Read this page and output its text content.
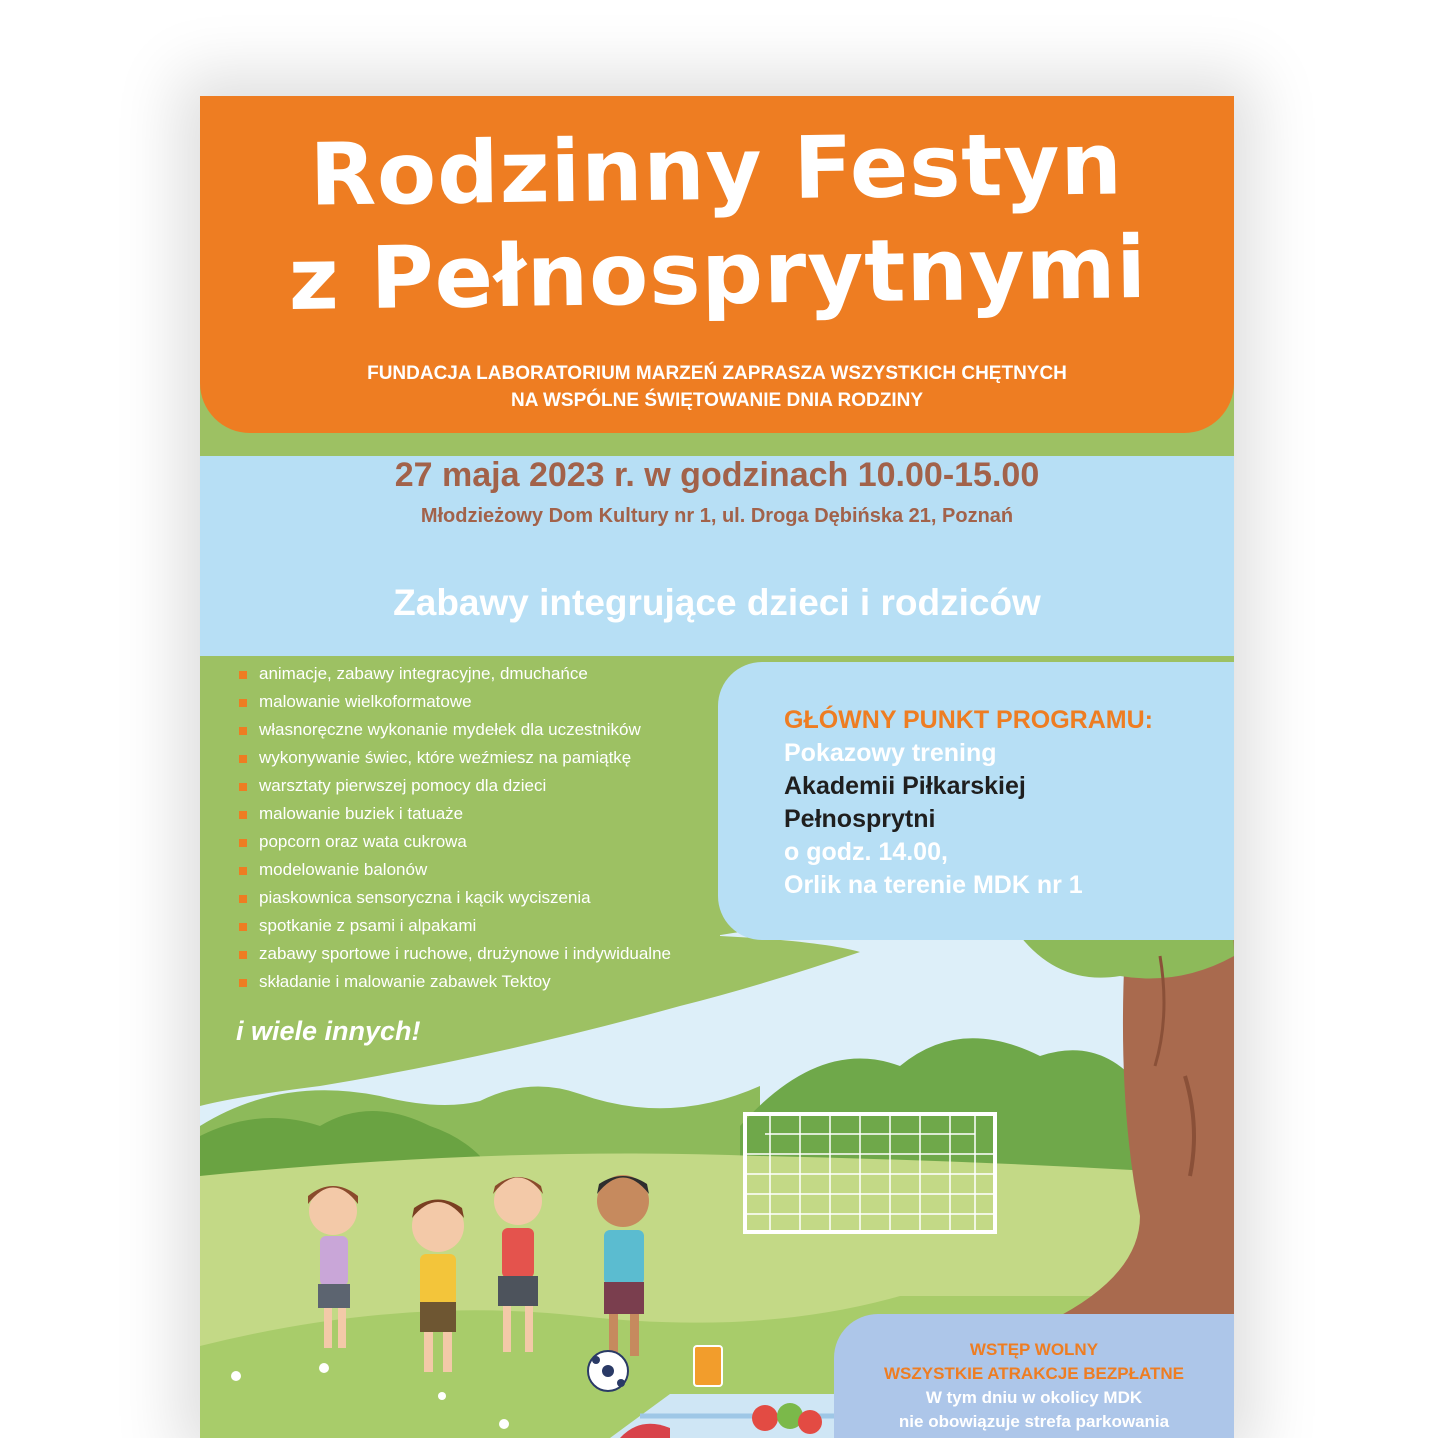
Rodzinny Festyn
z Pełnosprytnymi

FUNDACJA LABORATORIUM MARZEŃ ZAPRASZA WSZYSTKICH CHĘTNYCH
NA WSPÓLNE ŚWIĘTOWANIE DNIA RODZINY

27 maja 2023 r. w godzinach 10.00-15.00
Młodzieżowy Dom Kultury nr 1, ul. Droga Dębińska 21, Poznań
Zabawy integrujące dzieci i rodziców
animacje, zabawy integracyjne, dmuchańce
malowanie wielkoformatowe
własnoręczne wykonanie mydełek dla uczestników
wykonywanie świec, które weźmiesz na pamiątkę
warsztaty pierwszej pomocy dla dzieci
malowanie buziek i tatuaże
popcorn oraz wata cukrowa
modelowanie balonów
piaskownica sensoryczna i kącik wyciszenia
spotkanie z psami i alpakami
zabawy sportowe i ruchowe, drużynowe i indywidualne
składanie i malowanie zabawek Tektoy
i wiele innych!

GŁÓWNY PUNKT PROGRAMU:
Pokazowy trening
Akademii Piłkarskiej
Pełnosprytni
o godz. 14.00,
Orlik na terenie MDK nr 1

WSTĘP WOLNY
WSZYSTKIE ATRAKCJE BEZPŁATNE
W tym dniu w okolicy MDK
nie obowiązuje strefa parkowania
